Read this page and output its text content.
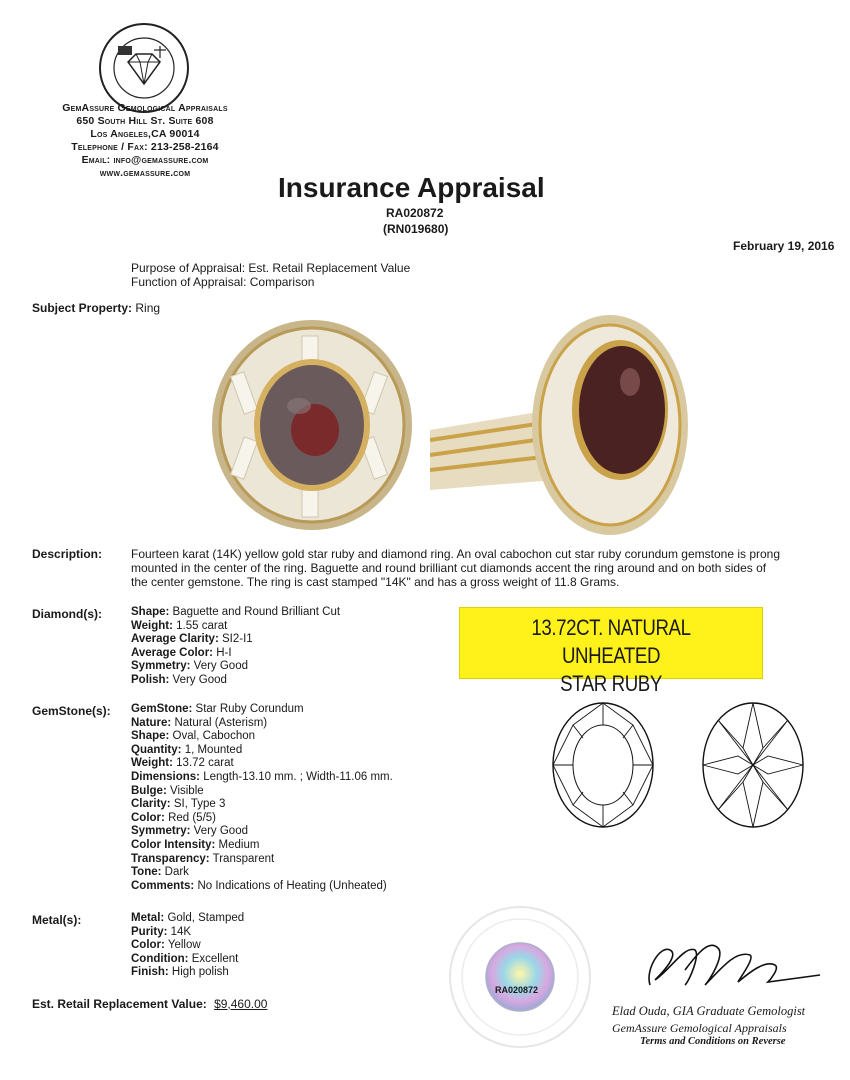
GemAssure Gemological Appraisals
650 South Hill St. Suite 608
Los Angeles,CA 90014
Telephone / Fax: 213-258-2164
Email: info@gemassure.com
www.gemassure.com	Insurance Appraisal
RA020872
(RN019680)
February 19, 2016
Purpose of Appraisal: Est. Retail Replacement Value
Function of Appraisal: Comparison
Subject Property: Ring
Description: Fourteen karat (14K) yellow gold star ruby and diamond ring. An oval cabochon cut star ruby corundum gemstone is prong
mounted in the center of the ring. Baguette and round brilliant cut diamonds accent the ring around and on both sides of
the center gemstone. The ring is cast stamped "14K" and has a gross weight of 11.8 Grams.
Diamond(s):	Shape: Baguette and Round Brilliant Cut
Weight: 1.55 carat
Average Clarity: SI2-I1
Average Color: H-I
Symmetry: Very Good
Polish: Very Good
13.72CT. NATURAL UNHEATED
STAR RUBY
GemStone(s): GemStone: Star Ruby Corundum
Nature: Natural (Asterism)
Shape: Oval, Cabochon
Quantity: 1, Mounted
Weight: 13.72 carat
Dimensions: Length-13.10 mm. ; Width-11.06 mm.
Bulge: Visible
Clarity: SI, Type 3
Color: Red (5/5)
Symmetry: Very Good
Color Intensity: Medium
Transparency: Transparent
Tone: Dark
Comments: No Indications of Heating (Unheated)
Metal(s):	Metal: Gold, Stamped
Purity: 14K
Color: Yellow
Condition: Excellent
Finish: High polish
Est. Retail Replacement Value: $9,460.00
RA020872
Elad Ouda, GIA Graduate Gemologist
GemAssure Gemological Appraisals
Terms and Conditions on Reverse
